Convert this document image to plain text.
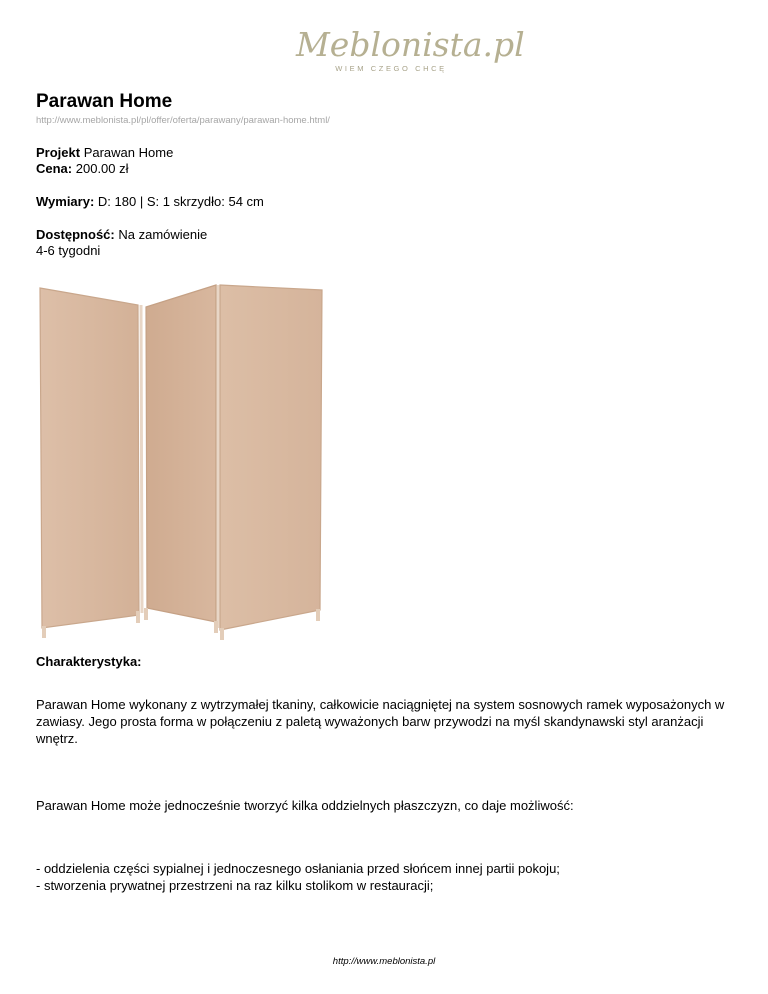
Meblonista.pl
WIEM CZEGO CHCĘ
Parawan Home
http://www.meblonista.pl/pl/offer/oferta/parawany/parawan-home.html/
Projekt Parawan Home
Cena: 200.00 zł
Wymiary: D: 180 | S: 1 skrzydło: 54 cm
Dostępność: Na zamówienie
4-6 tygodni
Charakterystyka:

Parawan Home wykonany z wytrzymałej tkaniny, całkowicie naciągniętej na system sosnowych ramek wyposażonych w zawiasy. Jego prosta forma w połączeniu z paletą wyważonych barw przywodzi na myśl skandynawski styl aranżacji wnętrz.

Parawan Home może jednocześnie tworzyć kilka oddzielnych płaszczyzn, co daje możliwość:

- oddzielenia części sypialnej i jednoczesnego osłaniania przed słońcem innej partii pokoju;

- stworzenia prywatnej przestrzeni na raz kilku stolikom w restauracji;

http://www.meblonista.pl
